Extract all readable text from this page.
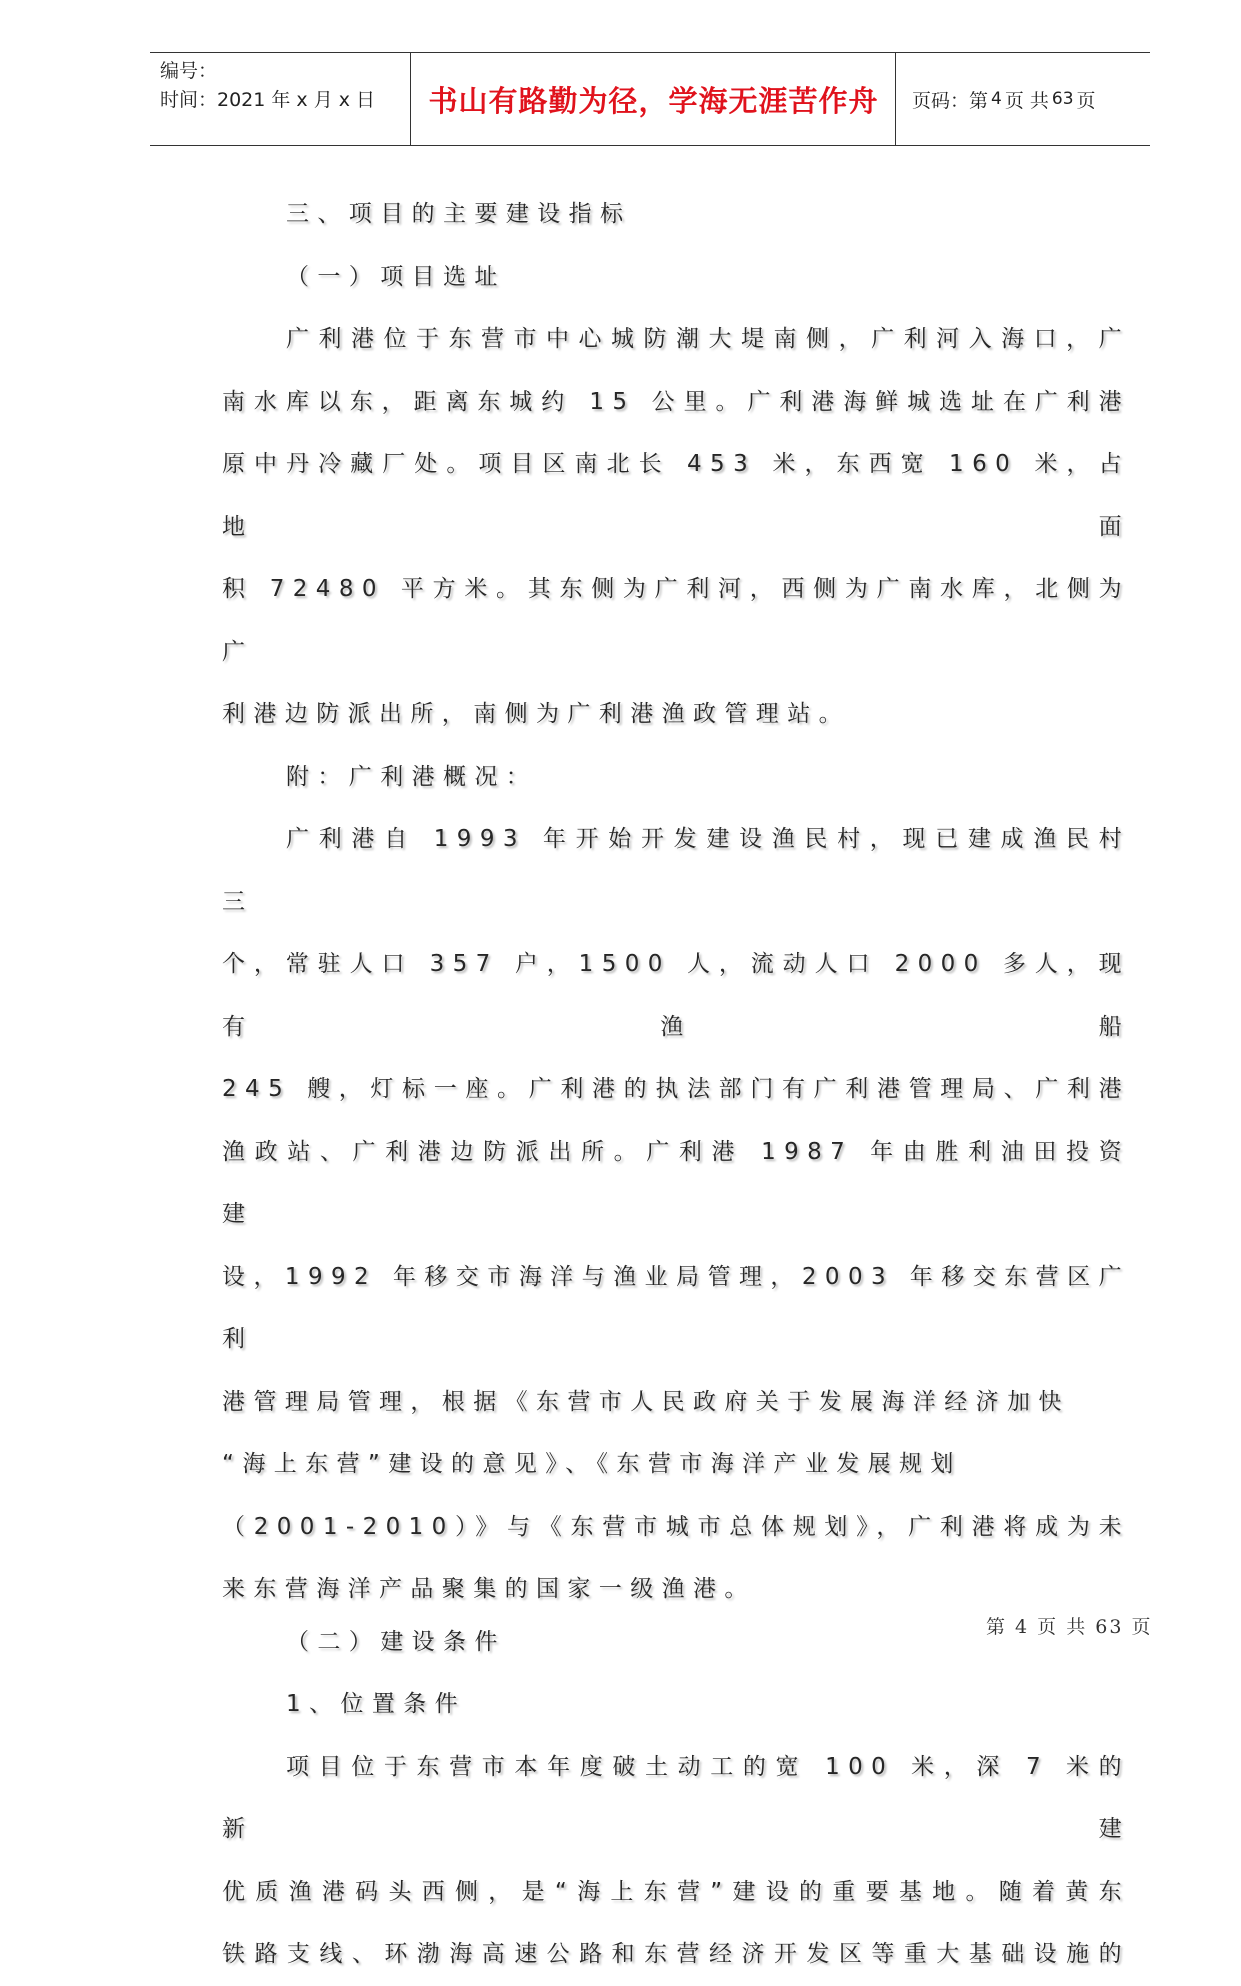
编号：
时间：2021 年 x 月 x 日	书山有路勤为径，学海无涯苦作舟	页码：第 4 页 共 63 页

三、项目的主要建设指标

（一）项目选址

广利港位于东营市中心城防潮大堤南侧，广利河入海口，广

南水库以东，距离东城约 15 公里。广利港海鲜城选址在广利港

原中丹冷藏厂处。项目区南北长 453 米，东西宽 160 米，占地面

积 72480 平方米。其东侧为广利河，西侧为广南水库，北侧为广

利港边防派出所，南侧为广利港渔政管理站。

附：广利港概况：

广利港自 1993 年开始开发建设渔民村，现已建成渔民村三

个，常驻人口 357 户，1500 人，流动人口 2000 多人，现有渔船

245 艘，灯标一座。广利港的执法部门有广利港管理局、广利港

渔政站、广利港边防派出所。广利港 1987 年由胜利油田投资建

设，1992 年移交市海洋与渔业局管理，2003 年移交东营区广利

港管理局管理，根据《东营市人民政府关于发展海洋经济加快

“海上东营”建设的意见》、《东营市海洋产业发展规划

（2001-2010）》与《东营市城市总体规划》，广利港将成为未

来东营海洋产品聚集的国家一级渔港。

（二）建设条件

1、位置条件

项目位于东营市本年度破土动工的宽 100 米，深 7 米的新建

优质渔港码头西侧，是“海上东营”建设的重要基地。随着黄东

铁路支线、环渤海高速公路和东营经济开发区等重大基础设施的

第 4 页 共 63 页
